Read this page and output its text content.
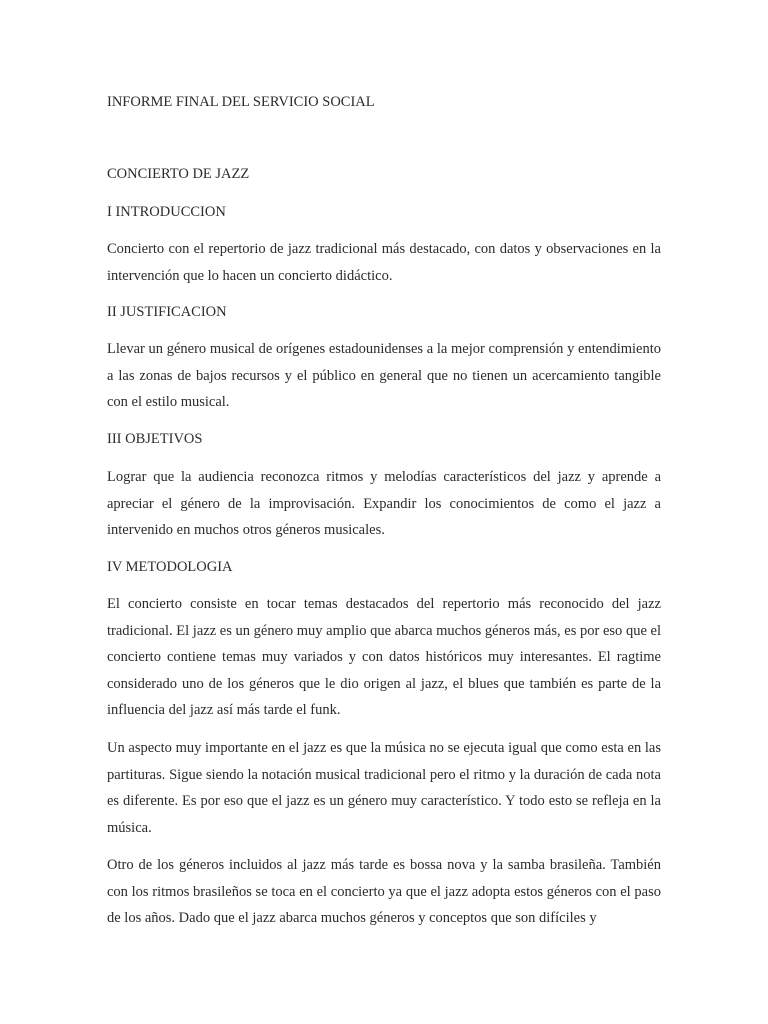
INFORME FINAL DEL SERVICIO SOCIAL
CONCIERTO DE JAZZ
I INTRODUCCION

Concierto con el repertorio de jazz tradicional más destacado, con datos y observaciones en la intervención que lo hacen un concierto didáctico.

II JUSTIFICACION

Llevar un género musical de orígenes estadounidenses a la mejor comprensión y entendimiento a las zonas de bajos recursos y el público en general que no tienen un acercamiento tangible con el estilo musical.

III OBJETIVOS

Lograr que la audiencia reconozca ritmos y melodías característicos del jazz y aprende a apreciar el género de la improvisación. Expandir los conocimientos de como el jazz a intervenido en muchos otros géneros musicales.

IV METODOLOGIA

El concierto consiste en tocar temas destacados del repertorio más reconocido del jazz tradicional. El jazz es un género muy amplio que abarca muchos géneros más, es por eso que el concierto contiene temas muy variados y con datos históricos muy interesantes. El ragtime considerado uno de los géneros que le dio origen al jazz, el blues que también es parte de la influencia del jazz así más tarde el funk.

Un aspecto muy importante en el jazz es que la música no se ejecuta igual que como esta en las partituras. Sigue siendo la notación musical tradicional pero el ritmo y la duración de cada nota es diferente. Es por eso que el jazz es un género muy característico. Y todo esto se refleja en la música.

Otro de los géneros incluidos al jazz más tarde es bossa nova y la samba brasileña. También con los ritmos brasileños se toca en el concierto ya que el jazz adopta estos géneros con el paso de los años. Dado que el jazz abarca muchos géneros y conceptos que son difíciles y
